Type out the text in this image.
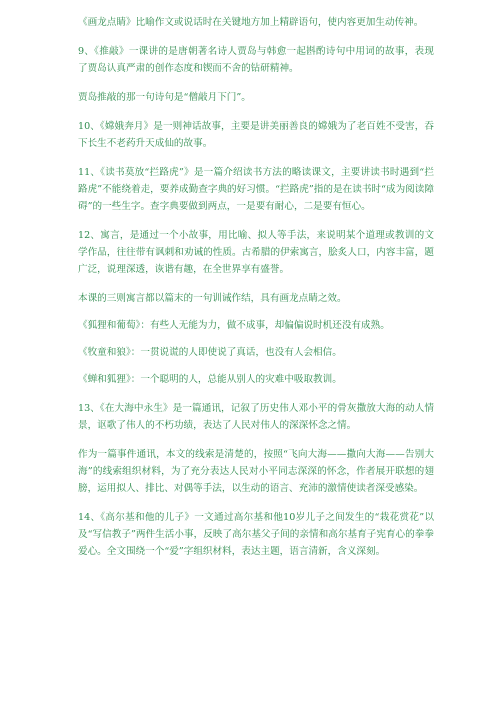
《画龙点睛》比喻作文或说话时在关键地方加上精辟语句，使内容更加生动传神。

9、《推敲》一课讲的是唐朝著名诗人贾岛与韩愈一起斟酌诗句中用词的故事，表现了贾岛认真严肃的创作态度和锲而不舍的钻研精神。

贾岛推敲的那一句诗句是“僧敲月下门”。

10、《嫦娥奔月》是一则神话故事，主要是讲美丽善良的嫦娥为了老百姓不受害，吞下长生不老药升天成仙的故事。

11、《读书莫放“拦路虎”》是一篇介绍读书方法的略读课文，主要讲读书时遇到“拦路虎”不能绕着走，要养成勤查字典的好习惯。“拦路虎”指的是在读书时“成为阅读障碍”的一些生字。查字典要做到两点，一是要有耐心，二是要有恒心。

12、寓言，是通过一个小故事，用比喻、拟人等手法，来说明某个道理或教训的文学作品，往往带有讽刺和劝诫的性质。古希腊的伊索寓言，脍炙人口，内容丰富，题广泛，说理深透，诙谐有趣，在全世界享有盛誉。

本课的三则寓言都以篇末的一句训诫作结，具有画龙点睛之效。

《狐狸和葡萄》：有些人无能为力，做不成事，却偏偏说时机还没有成熟。

《牧童和狼》：一贯说谎的人即使说了真话，也没有人会相信。

《蝉和狐狸》：一个聪明的人，总能从别人的灾难中吸取教训。

13、《在大海中永生》是一篇通讯，记叙了历史伟人邓小平的骨灰撒放大海的动人情景，讴歌了伟人的不朽功绩，表达了人民对伟人的深深怀念之情。

作为一篇事件通讯，本文的线索是清楚的，按照“飞向大海——撒向大海——告别大海”的线索组织材料，为了充分表达人民对小平同志深深的怀念，作者展开联想的翅膀，运用拟人、排比、对偶等手法，以生动的语言、充沛的激情使读者深受感染。

14、《高尔基和他的儿子》一文通过高尔基和他10岁儿子之间发生的“栽花赏花”以及“写信教子”两件生活小事，反映了高尔基父子间的亲情和高尔基育子宪育心的拳拳爱心。全文围绕一个“爱”字组织材料，表达主题，语言清新，含义深刻。
